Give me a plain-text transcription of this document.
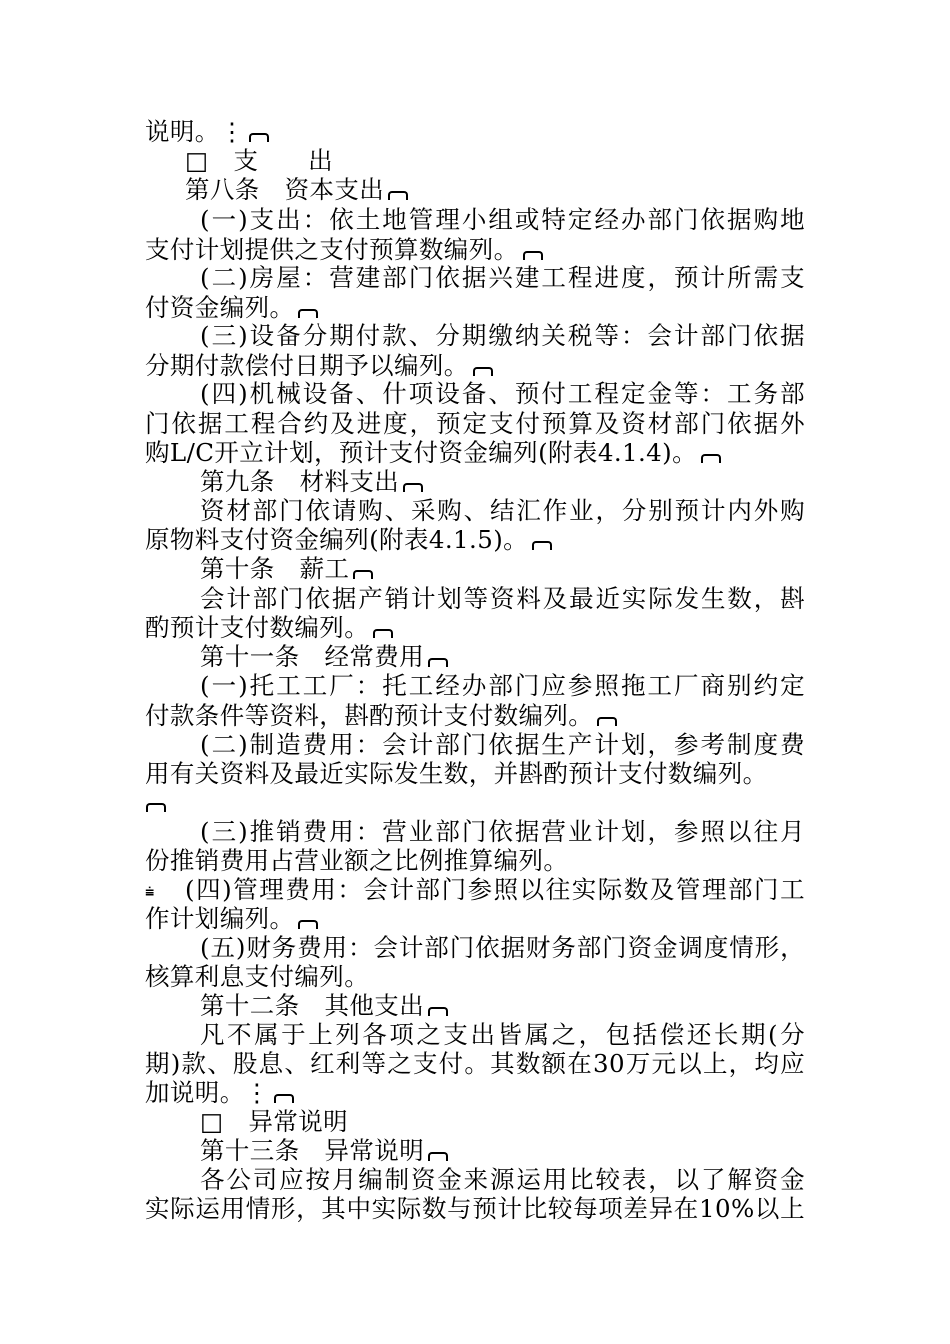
说明。⋮
□　支　　出
第八条　资本支出
(一)支出：依土地管理小组或特定经办部门依据购地
支付计划提供之支付预算数编列。
(二)房屋：营建部门依据兴建工程进度，预计所需支
付资金编列。
(三)设备分期付款、分期缴纳关税等：会计部门依据
分期付款偿付日期予以编列。
(四)机械设备、什项设备、预付工程定金等：工务部
门依据工程合约及进度，预定支付预算及资材部门依据外
购L/C开立计划，预计支付资金编列(附表4.1.4)。
第九条　材料支出
资材部门依请购、采购、结汇作业，分别预计内外购
原物料支付资金编列(附表4.1.5)。
第十条　薪工
会计部门依据产销计划等资料及最近实际发生数，斟
酌预计支付数编列。
第十一条　经常费用
(一)托工工厂：托工经办部门应参照拖工厂商别约定
付款条件等资料，斟酌预计支付数编列。
(二)制造费用：会计部门依据生产计划，参考制度费
用有关资料及最近实际发生数，并斟酌预计支付数编列。
(三)推销费用：营业部门依据营业计划，参照以往月
份推销费用占营业额之比例推算编列。
⩧ (四)管理费用：会计部门参照以往实际数及管理部门工
作计划编列。
(五)财务费用：会计部门依据财务部门资金调度情形，
核算利息支付编列。
第十二条　其他支出
凡不属于上列各项之支出皆属之，包括偿还长期(分
期)款、股息、红利等之支付。其数额在30万元以上，均应
加说明。⋮
□　异常说明
第十三条　异常说明
各公司应按月编制资金来源运用比较表，以了解资金
实际运用情形，其中实际数与预计比较每项差异在10%以上
